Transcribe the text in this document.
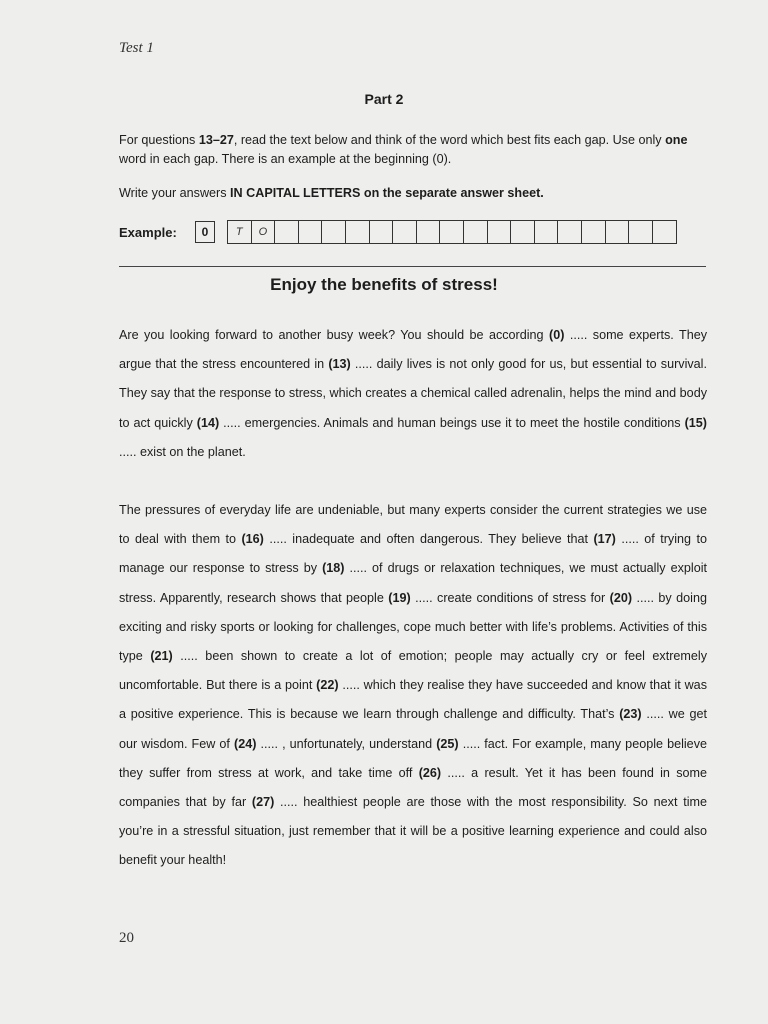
Test 1
Part 2
For questions 13–27, read the text below and think of the word which best fits each gap. Use only one word in each gap. There is an example at the beginning (0).
Write your answers IN CAPITAL LETTERS on the separate answer sheet.
Example:	0	T	O
Enjoy the benefits of stress!
Are you looking forward to another busy week? You should be according (0) ..... some experts. They argue that the stress encountered in (13) ..... daily lives is not only good for us, but essential to survival. They say that the response to stress, which creates a chemical called adrenalin, helps the mind and body to act quickly (14) ..... emergencies. Animals and human beings use it to meet the hostile conditions (15) ..... exist on the planet.
The pressures of everyday life are undeniable, but many experts consider the current strategies we use to deal with them to (16) ..... inadequate and often dangerous. They believe that (17) ..... of trying to manage our response to stress by (18) ..... of drugs or relaxation techniques, we must actually exploit stress. Apparently, research shows that people (19) ..... create conditions of stress for (20) ..... by doing exciting and risky sports or looking for challenges, cope much better with life’s problems. Activities of this type (21) ..... been shown to create a lot of emotion; people may actually cry or feel extremely uncomfortable. But there is a point (22) ..... which they realise they have succeeded and know that it was a positive experience. This is because we learn through challenge and difficulty. That’s (23) ..... we get our wisdom. Few of (24) ..... , unfortunately, understand (25) ..... fact. For example, many people believe they suffer from stress at work, and take time off (26) ..... a result. Yet it has been found in some companies that by far (27) ..... healthiest people are those with the most responsibility. So next time you’re in a stressful situation, just remember that it will be a positive learning experience and could also benefit your health!
20
